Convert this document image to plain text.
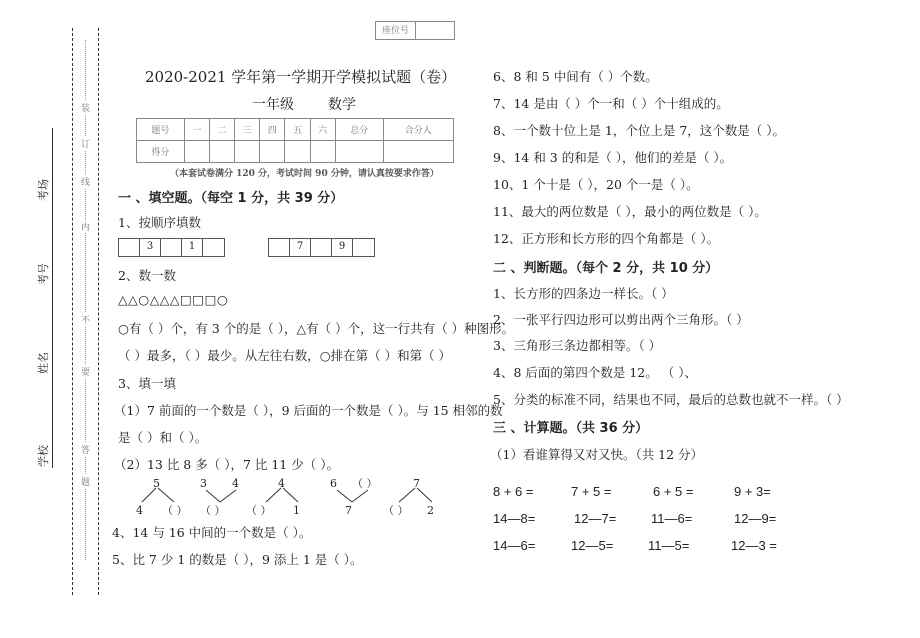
座位号
考场
考号
姓名
学校
装
订
线
内
不
要
答
题
2020-2021 学年第一学期开学模拟试题（卷）
一年级 数学
题号	一	二	三	四	五	六	总分	合分人
得分								
（本套试卷满分 120 分，考试时间 90 分钟，请认真按要求作答）
一 、填空题。（每空 1 分，共 39 分）
1、按顺序填数
3	1	7	9
2、数一数
△△○△△△□□□○
○有（ ）个，有 3 个的是（ ），△有（ ）个，这一行共有（ ）种图形。
（ ）最多，（ ）最少。从左往右数，○排在第（ ）和第（ ）
3、填一填
（1）7 前面的一个数是（ ），9 后面的一个数是（ ）。与 15 相邻的数
是（ ）和（ ）。
（2）13 比 8 多（ ），7 比 11 少（ ）。
5
4 （ ）
3 4
（ ）
4
（ ） 1
6 （ ）
7
7
（ ） 2
4、14 与 16 中间的一个数是（ ）。
5、比 7 少 1 的数是（ ），9 添上 1 是（ ）。
6、8 和 5 中间有（ ）个数。
7、14 是由（ ）个一和（ ）个十组成的。
8、一个数十位上是 1，个位上是 7，这个数是（ ）。
9、14 和 3 的和是（ ），他们的差是（ ）。
10、1 个十是（ ），20 个一是（ ）。
11、最大的两位数是（ ），最小的两位数是（ ）。
12、正方形和长方形的四个角都是（ ）。
二 、判断题。（每个 2 分，共 10 分）
1、长方形的四条边一样长。（ ）
2、一张平行四边形可以剪出两个三角形。（ ）
3、三角形三条边都相等。（ ）
4、8 后面的第四个数是 12。 （ ）、
5、分类的标准不同，结果也不同，最后的总数也就不一样。（ ）
三 、计算题。（共 36 分）
（1）看谁算得又对又快。（共 12 分）
8 + 6 =	7 + 5 =	6 + 5 =	9 + 3=
14—8=	12—7=	11—6=	12—9=
14—6=	12—5=	11—5=	12—3 =
